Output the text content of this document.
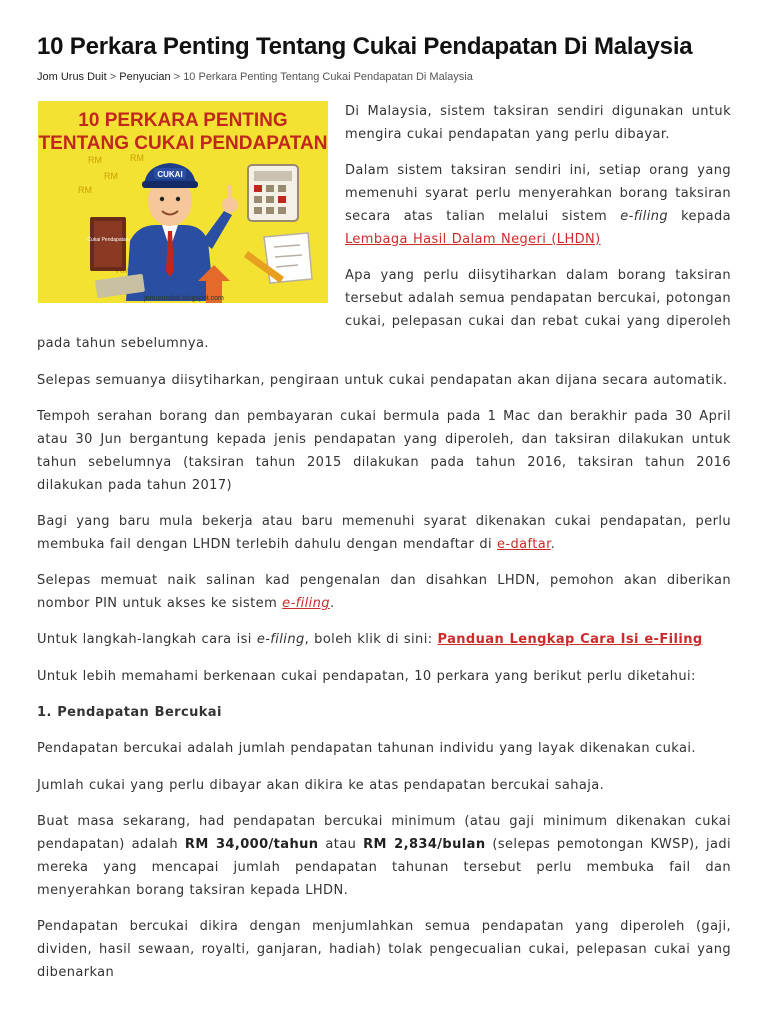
10 Perkara Penting Tentang Cukai Pendapatan Di Malaysia
Jom Urus Duit > Penyucian > 10 Perkara Penting Tentang Cukai Pendapatan Di Malaysia
10 PERKARA PENTING
TENTANG CUKAI PENDAPATAN
RM
RM
RM
RM
CUKAI
Cukai Pendapatan
jomurusduit.blogspot.com

Di Malaysia, sistem taksiran sendiri digunakan untuk mengira cukai pendapatan yang perlu dibayar.

Dalam sistem taksiran sendiri ini, setiap orang yang memenuhi syarat perlu menyerahkan borang taksiran secara atas talian melalui sistem e-filing kepada Lembaga Hasil Dalam Negeri (LHDN)

Apa yang perlu diisytiharkan dalam borang taksiran tersebut adalah semua pendapatan bercukai, potongan cukai, pelepasan cukai dan rebat cukai yang diperoleh pada tahun sebelumnya.

Selepas semuanya diisytiharkan, pengiraan untuk cukai pendapatan akan dijana secara automatik.

Tempoh serahan borang dan pembayaran cukai bermula pada 1 Mac dan berakhir pada 30 April atau 30 Jun bergantung kepada jenis pendapatan yang diperoleh, dan taksiran dilakukan untuk tahun sebelumnya (taksiran tahun 2015 dilakukan pada tahun 2016, taksiran tahun 2016 dilakukan pada tahun 2017)

Bagi yang baru mula bekerja atau baru memenuhi syarat dikenakan cukai pendapatan, perlu membuka fail dengan LHDN terlebih dahulu dengan mendaftar di e-daftar.

Selepas memuat naik salinan kad pengenalan dan disahkan LHDN, pemohon akan diberikan nombor PIN untuk akses ke sistem e-filing.

Untuk langkah-langkah cara isi e-filing, boleh klik di sini: Panduan Lengkap Cara Isi e-Filing

Untuk lebih memahami berkenaan cukai pendapatan, 10 perkara yang berikut perlu diketahui:

1. Pendapatan Bercukai

Pendapatan bercukai adalah jumlah pendapatan tahunan individu yang layak dikenakan cukai.

Jumlah cukai yang perlu dibayar akan dikira ke atas pendapatan bercukai sahaja.

Buat masa sekarang, had pendapatan bercukai minimum (atau gaji minimum dikenakan cukai pendapatan) adalah RM 34,000/tahun atau RM 2,834/bulan (selepas pemotongan KWSP), jadi mereka yang mencapai jumlah pendapatan tahunan tersebut perlu membuka fail dan menyerahkan borang taksiran kepada LHDN.

Pendapatan bercukai dikira dengan menjumlahkan semua pendapatan yang diperoleh (gaji, dividen, hasil sewaan, royalti, ganjaran, hadiah) tolak pengecualian cukai, pelepasan cukai yang dibenarkan
